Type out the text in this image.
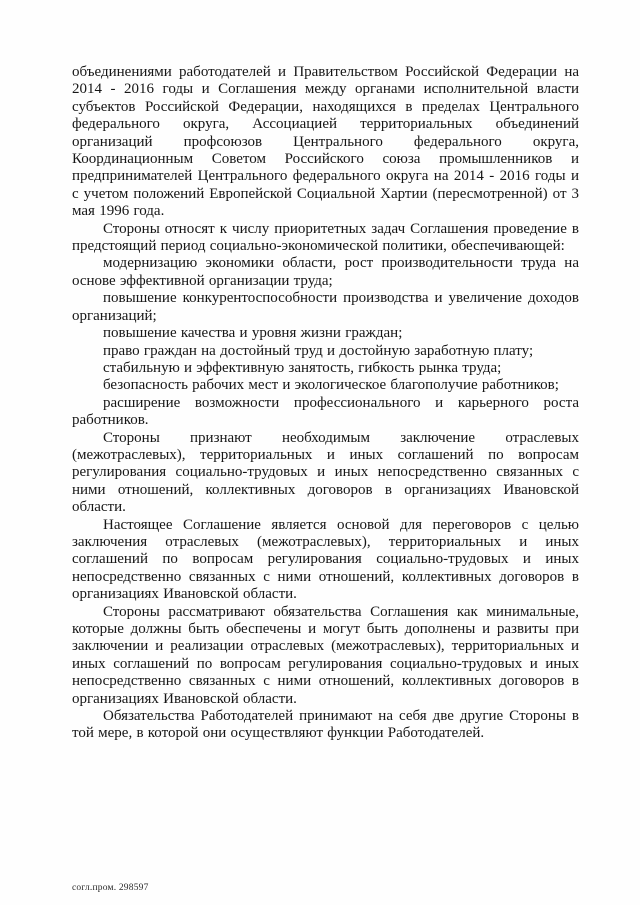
объединениями работодателей и Правительством Российской Федерации на 2014 - 2016 годы и Соглашения между органами исполнительной власти субъектов Российской Федерации, находящихся в пределах Центрального федерального округа, Ассоциацией территориальных объединений организаций профсоюзов Центрального федерального округа, Координационным Советом Российского союза промышленников и предпринимателей Центрального федерального округа на 2014 - 2016 годы и с учетом положений Европейской Социальной Хартии (пересмотренной) от 3 мая 1996 года.

Стороны относят к числу приоритетных задач Соглашения проведение в предстоящий период социально-экономической политики, обеспечивающей:

модернизацию экономики области, рост производительности труда на основе эффективной организации труда;

повышение конкурентоспособности производства и увеличение доходов организаций;

повышение качества и уровня жизни граждан;

право граждан на достойный труд и достойную заработную плату;

стабильную и эффективную занятость, гибкость рынка труда;

безопасность рабочих мест и экологическое благополучие работников;

расширение возможности профессионального и карьерного роста работников.

Стороны признают необходимым заключение отраслевых (межотраслевых), территориальных и иных соглашений по вопросам регулирования социально-трудовых и иных непосредственно связанных с ними отношений, коллективных договоров в организациях Ивановской области.

Настоящее Соглашение является основой для переговоров с целью заключения отраслевых (межотраслевых), территориальных и иных соглашений по вопросам регулирования социально-трудовых и иных непосредственно связанных с ними отношений, коллективных договоров в организациях Ивановской области.

Стороны рассматривают обязательства Соглашения как минимальные, которые должны быть обеспечены и могут быть дополнены и развиты при заключении и реализации отраслевых (межотраслевых), территориальных и иных соглашений по вопросам регулирования социально-трудовых и иных непосредственно связанных с ними отношений, коллективных договоров в организациях Ивановской области.

Обязательства Работодателей принимают на себя две другие Стороны в той мере, в которой они осуществляют функции Работодателей.

согл.пром. 298597
